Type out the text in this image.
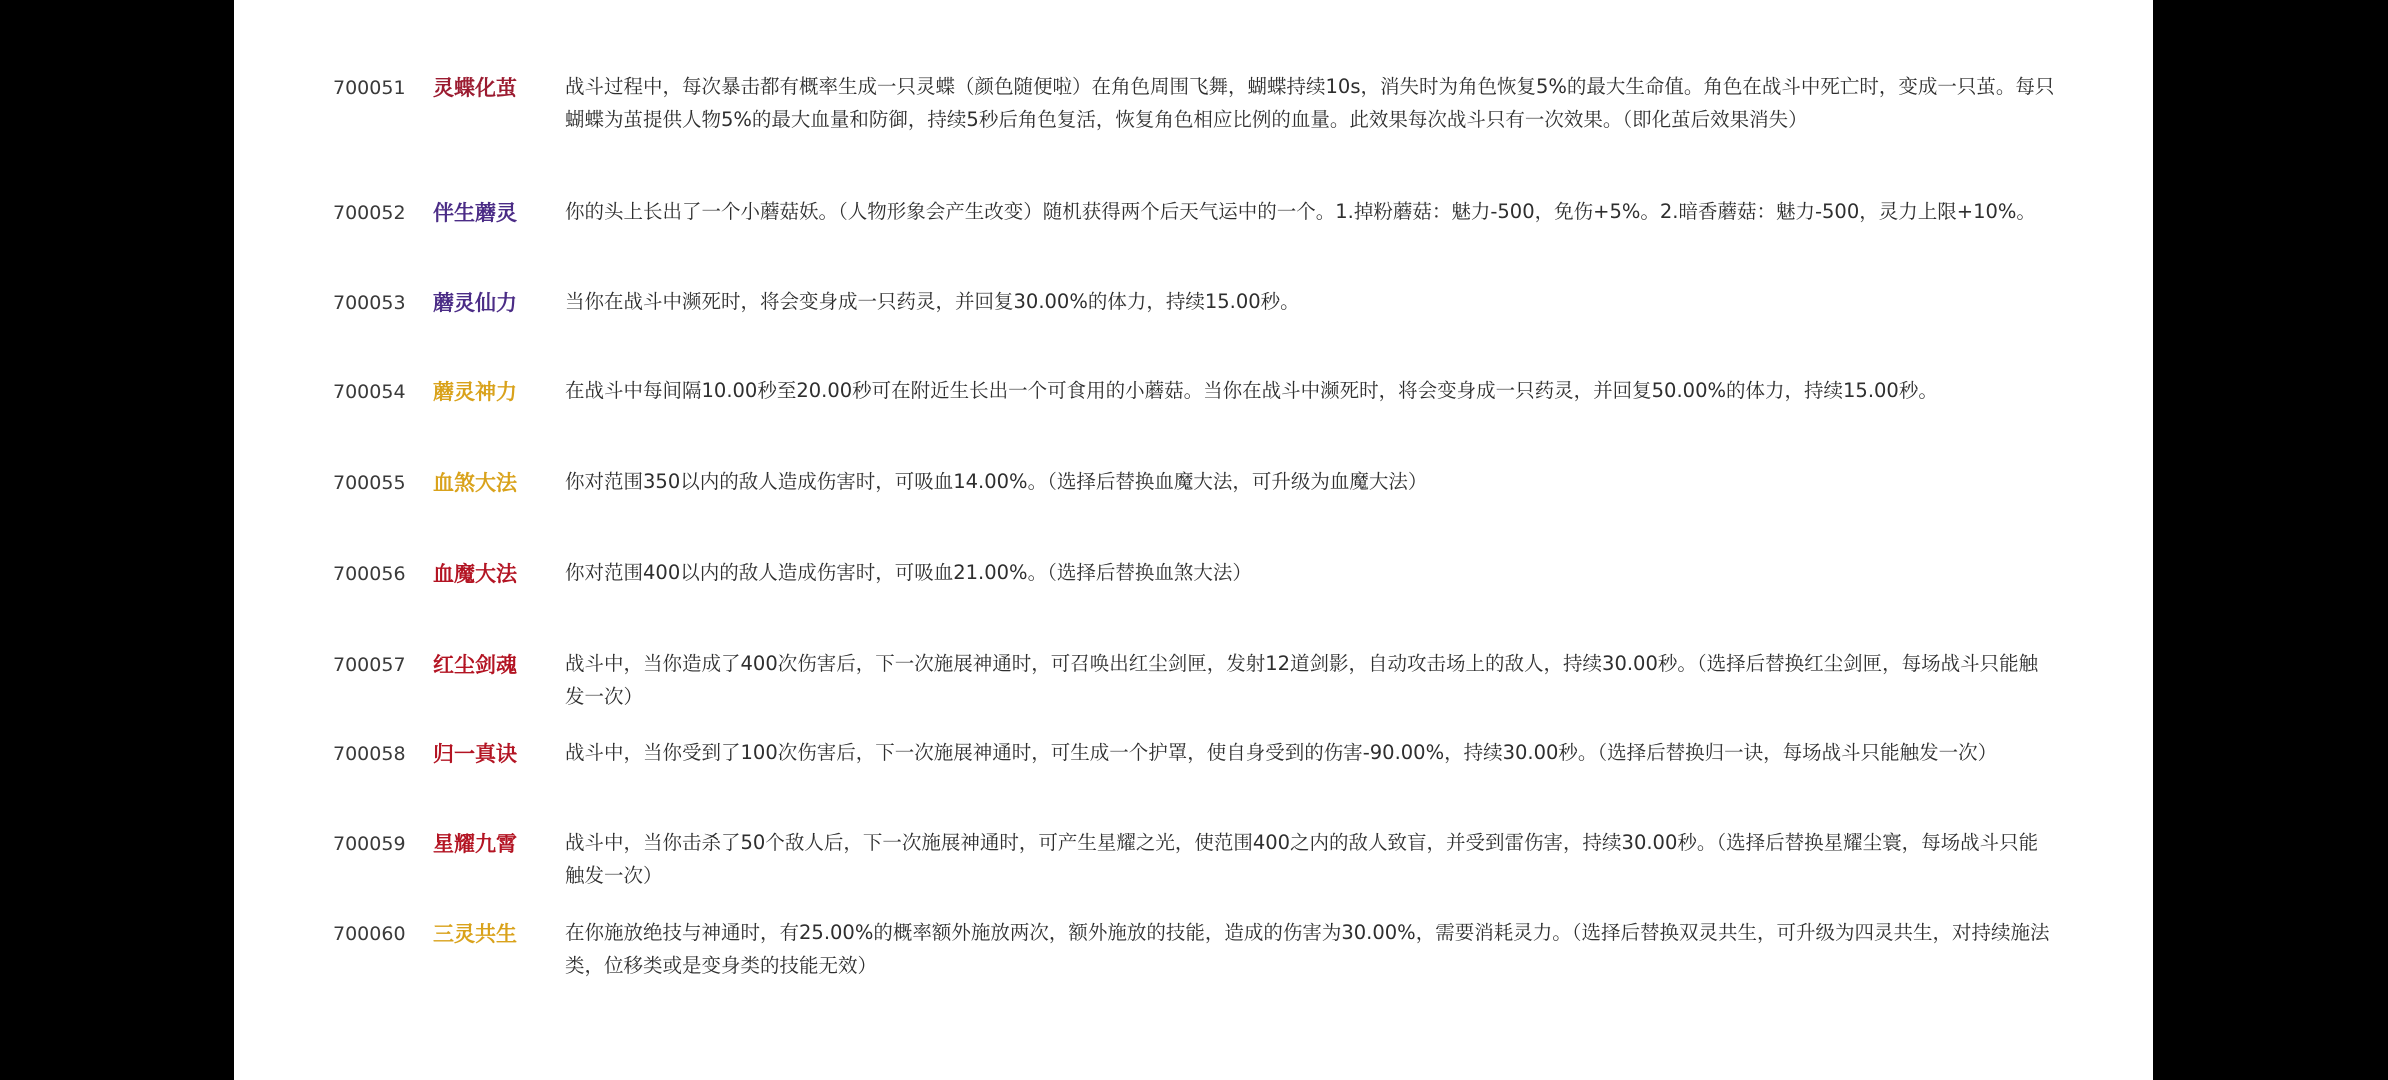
700051	灵蝶化茧	战斗过程中，每次暴击都有概率生成一只灵蝶（颜色随便啦）在角色周围飞舞，蝴蝶持续10s，消失时为角色恢复5%的最大生命值。角色在战斗中死亡时，变成一只茧。每只蝴蝶为茧提供人物5%的最大血量和防御，持续5秒后角色复活，恢复角色相应比例的血量。此效果每次战斗只有一次效果。（即化茧后效果消失）
700052	伴生蘑灵	你的头上长出了一个小蘑菇妖。（人物形象会产生改变）随机获得两个后天气运中的一个。1.掉粉蘑菇：魅力-500，免伤+5%。2.暗香蘑菇：魅力-500，灵力上限+10%。
700053	蘑灵仙力	当你在战斗中濒死时，将会变身成一只药灵，并回复30.00%的体力，持续15.00秒。
700054	蘑灵神力	在战斗中每间隔10.00秒至20.00秒可在附近生长出一个可食用的小蘑菇。当你在战斗中濒死时，将会变身成一只药灵，并回复50.00%的体力，持续15.00秒。
700055	血煞大法	你对范围350以内的敌人造成伤害时，可吸血14.00%。（选择后替换血魔大法，可升级为血魔大法）
700056	血魔大法	你对范围400以内的敌人造成伤害时，可吸血21.00%。（选择后替换血煞大法）
700057	红尘剑魂	战斗中，当你造成了400次伤害后，下一次施展神通时，可召唤出红尘剑匣，发射12道剑影，自动攻击场上的敌人，持续30.00秒。（选择后替换红尘剑匣，每场战斗只能触发一次）
700058	归一真诀	战斗中，当你受到了100次伤害后，下一次施展神通时，可生成一个护罩，使自身受到的伤害-90.00%，持续30.00秒。（选择后替换归一诀，每场战斗只能触发一次）
700059	星耀九霄	战斗中，当你击杀了50个敌人后，下一次施展神通时，可产生星耀之光，使范围400之内的敌人致盲，并受到雷伤害，持续30.00秒。（选择后替换星耀尘寰，每场战斗只能触发一次）
700060	三灵共生	在你施放绝技与神通时，有25.00%的概率额外施放两次，额外施放的技能，造成的伤害为30.00%，需要消耗灵力。（选择后替换双灵共生，可升级为四灵共生，对持续施法类，位移类或是变身类的技能无效）
